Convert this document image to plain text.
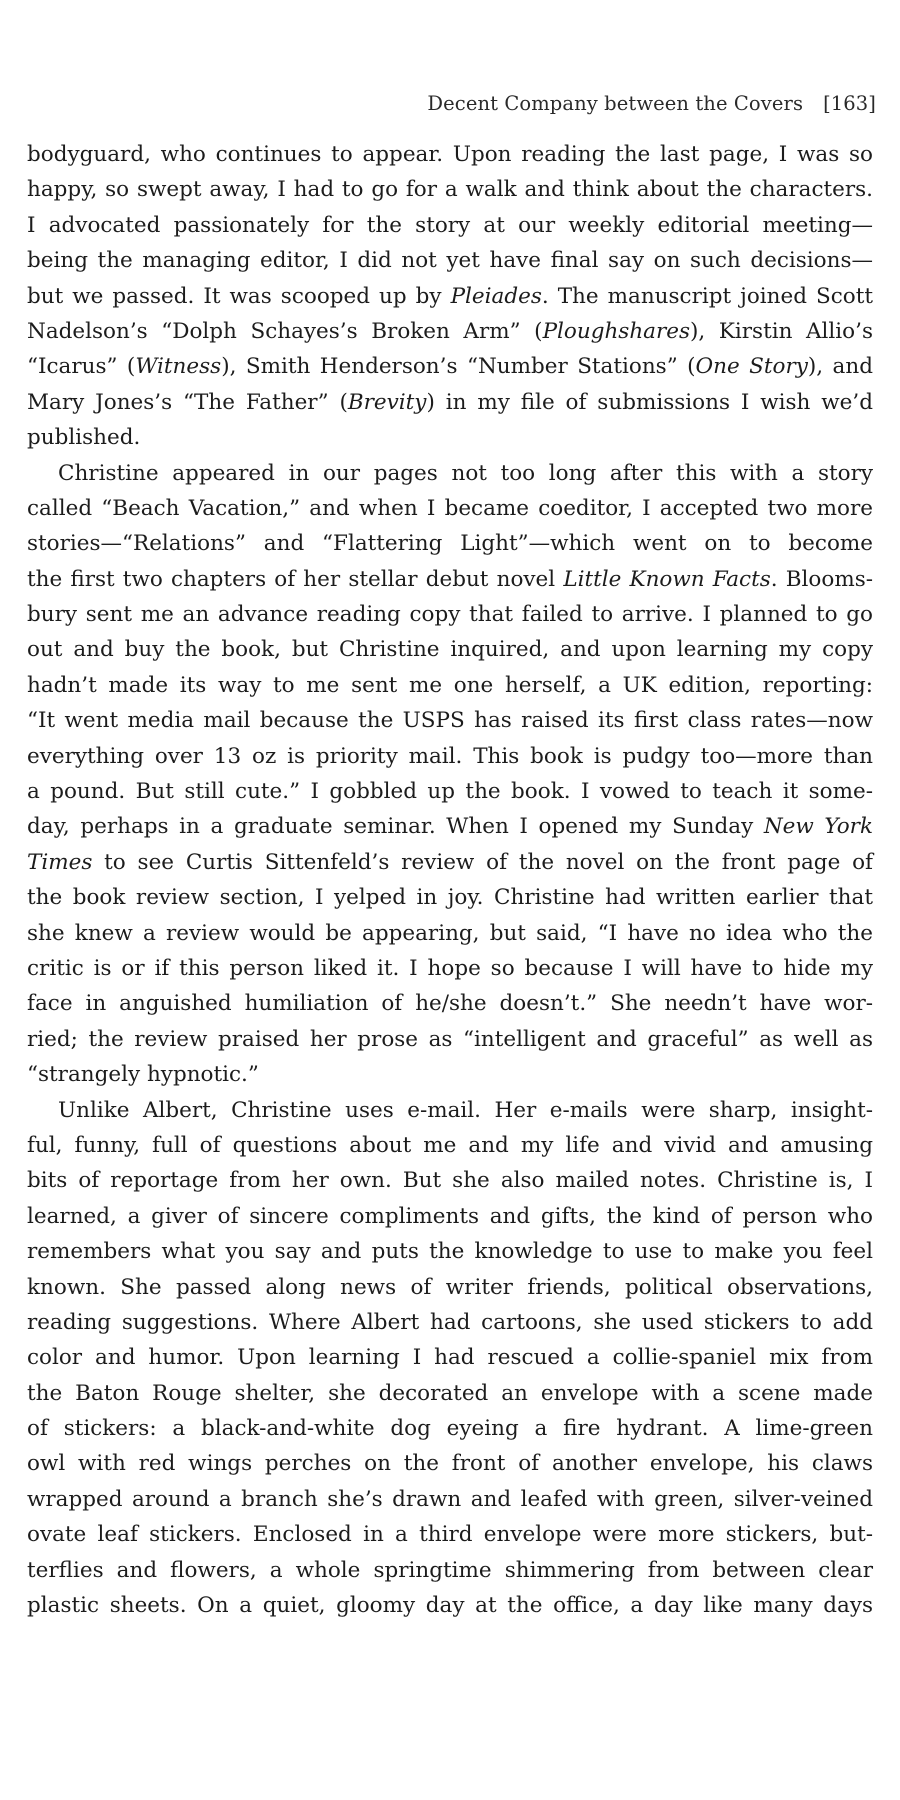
Decent Company between the Covers [163]
bodyguard, who continues to appear. Upon reading the last page, I was so
happy, so swept away, I had to go for a walk and think about the characters.
I advocated passionately for the story at our weekly editorial meeting—
being the managing editor, I did not yet have final say on such decisions—
but we passed. It was scooped up by Pleiades. The manuscript joined Scott
Nadelson’s “Dolph Schayes’s Broken Arm” (Ploughshares), Kirstin Allio’s
“Icarus” (Witness), Smith Henderson’s “Number Stations” (One Story), and
Mary Jones’s “The Father” (Brevity) in my file of submissions I wish we’d
published.
Christine appeared in our pages not too long after this with a story
called “Beach Vacation,” and when I became coeditor, I accepted two more
stories—“Relations” and “Flattering Light”—which went on to become
the first two chapters of her stellar debut novel Little Known Facts. Blooms-
bury sent me an advance reading copy that failed to arrive. I planned to go
out and buy the book, but Christine inquired, and upon learning my copy
hadn’t made its way to me sent me one herself, a UK edition, reporting:
“It went media mail because the USPS has raised its first class rates—now
everything over 13 oz is priority mail. This book is pudgy too—more than
a pound. But still cute.” I gobbled up the book. I vowed to teach it some-
day, perhaps in a graduate seminar. When I opened my Sunday New York
Times to see Curtis Sittenfeld’s review of the novel on the front page of
the book review section, I yelped in joy. Christine had written earlier that
she knew a review would be appearing, but said, “I have no idea who the
critic is or if this person liked it. I hope so because I will have to hide my
face in anguished humiliation of he/she doesn’t.” She needn’t have wor-
ried; the review praised her prose as “intelligent and graceful” as well as
“strangely hypnotic.”
Unlike Albert, Christine uses e-mail. Her e-mails were sharp, insight-
ful, funny, full of questions about me and my life and vivid and amusing
bits of reportage from her own. But she also mailed notes. Christine is, I
learned, a giver of sincere compliments and gifts, the kind of person who
remembers what you say and puts the knowledge to use to make you feel
known. She passed along news of writer friends, political observations,
reading suggestions. Where Albert had cartoons, she used stickers to add
color and humor. Upon learning I had rescued a collie-spaniel mix from
the Baton Rouge shelter, she decorated an envelope with a scene made
of stickers: a black-and-white dog eyeing a fire hydrant. A lime-green
owl with red wings perches on the front of another envelope, his claws
wrapped around a branch she’s drawn and leafed with green, silver-veined
ovate leaf stickers. Enclosed in a third envelope were more stickers, but-
terflies and flowers, a whole springtime shimmering from between clear
plastic sheets. On a quiet, gloomy day at the office, a day like many days
